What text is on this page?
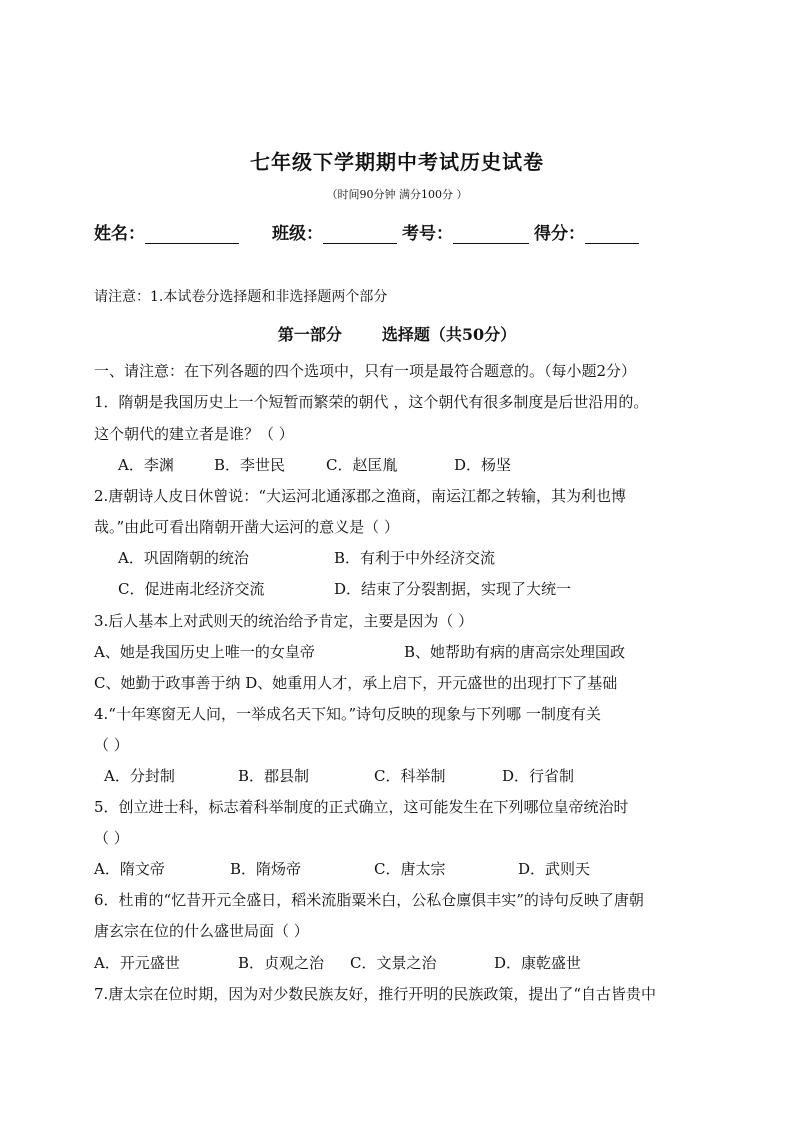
七年级下学期期中考试历史试卷
（时间90分钟 满分100分 ）
姓名：	班级：	考号：	得分：
请注意：1.本试卷分选择题和非选择题两个部分
第一部分	选择题（共50分）
一、请注意：在下列各题的四个选项中，只有一项是最符合题意的。（每小题2分）
1．隋朝是我国历史上一个短暂而繁荣的朝代 ，这个朝代有很多制度是后世沿用的。
这个朝代的建立者是谁？（ ）
A．李渊	B．李世民	C．赵匡胤	D．杨坚
2.唐朝诗人皮日休曾说：“大运河北通涿郡之渔商，南运江都之转输，其为利也博
哉。”由此可看出隋朝开凿大运河的意义是（ ）
A．巩固隋朝的统治	B．有利于中外经济交流
C．促进南北经济交流	D．结束了分裂割据，实现了大统一
3.后人基本上对武则天的统治给予肯定，主要是因为（ ）
A、她是我国历史上唯一的女皇帝	B、她帮助有病的唐高宗处理国政
C、她勤于政事善于纳 D、她重用人才，承上启下，开元盛世的出现打下了基础
4.“十年寒窗无人问，一举成名天下知。”诗句反映的现象与下列哪 一制度有关
（ ）
A．分封制	B．郡县制	C．科举制	D．行省制
5．创立进士科，标志着科举制度的正式确立，这可能发生在下列哪位皇帝统治时
（ ）
A．隋文帝	B．隋炀帝	C．唐太宗	D．武则天
6．杜甫的“忆昔开元全盛日，稻米流脂粟米白，公私仓廪俱丰实”的诗句反映了唐朝
唐玄宗在位的什么盛世局面（ ）
A．开元盛世	B．贞观之治 C．文景之治	D．康乾盛世
7.唐太宗在位时期，因为对少数民族友好，推行开明的民族政策，提出了“自古皆贵中
